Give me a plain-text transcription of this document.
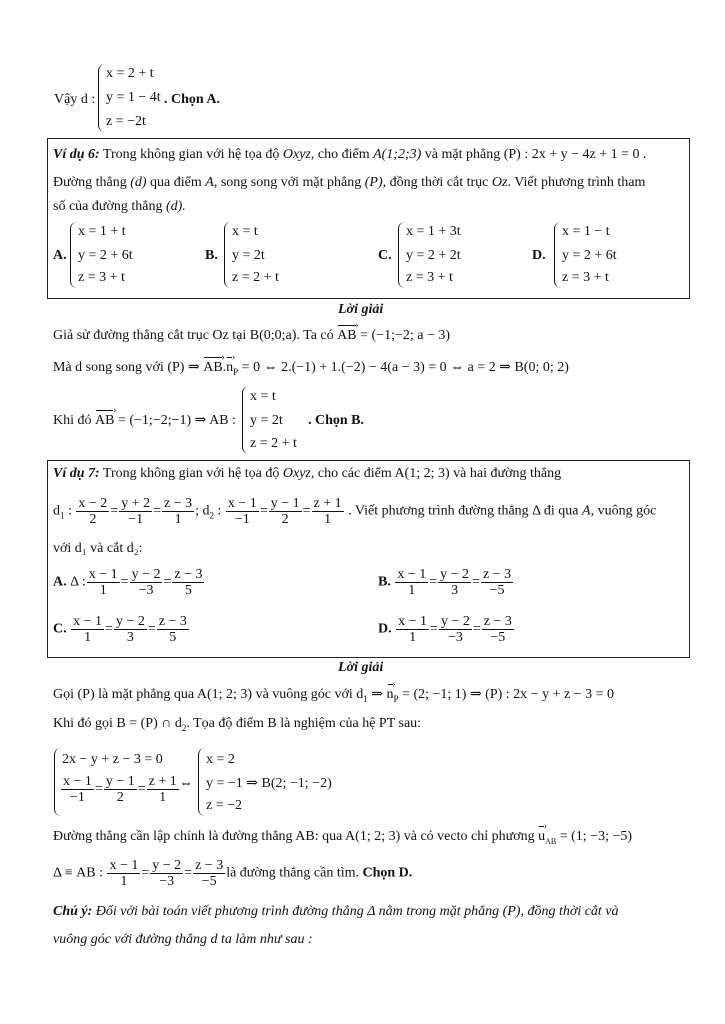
Vậy d :
x = 2 + t
y = 1 − 4t
z = −2t
. Chọn A.
Ví dụ 6: Trong không gian với hệ tọa độ Oxyz, cho điểm A(1;2;3) và mặt phẳng (P) : 2x + y − 4z + 1 = 0 .
Đường thẳng (d) qua điểm A, song song với mặt phẳng (P), đồng thời cắt trục Oz. Viết phương trình tham
số của đường thẳng (d).
A.
x = 1 + t
y = 2 + 6t
z = 3 + t
B.
x = t
y = 2t
z = 2 + t
C.
x = 1 + 3t
y = 2 + 2t
z = 3 + t
D.
x = 1 − t
y = 2 + 6t
z = 3 + t
Lời giải
Giả sử đường thẳng cắt trục Oz tại B(0;0;a). Ta có AB › = (−1;−2; a − 3)
Mà d song song với (P) ⇒ AB ›.n $›_P = 0$ ⇔ 2.(−1) + 1.(−2) − 4(a − 3) = 0 ⇔ a = 2 ⇒ B(0; 0; 2)
Khi đó AB › = (−1;−2;−1) ⇒ AB :
x = t
y = 2t
z = 2 + t
. Chọn B.
Ví dụ 7: Trong không gian với hệ tọa độ Oxyz, cho các điểm A(1; 2; 3) và hai đường thẳng
$d_1$ : $\frac{x - 2}{2} = \frac{y + 2}{-1} = \frac{z - 3}{1}$ ; $d_2$ : $\frac{x - 1}{-1} = \frac{y - 1}{2} = \frac{z + 1}{1}$ . Viết phương trình đường thẳng Δ đi qua A, vuông góc
với d₁ và cắt d₂:
A. Δ : $\frac{x - 1}{1} = \frac{y - 2}{-3} = \frac{z - 3}{5}$	B. $\frac{x - 1}{1} = \frac{y - 2}{3} = \frac{z - 3}{-5}$
C. $\frac{x - 1}{1} = \frac{y - 2}{3} = \frac{z - 3}{5}$	D. $\frac{x - 1}{1} = \frac{y - 2}{-3} = \frac{z - 3}{-5}$
Lời giải
Gọi (P) là mặt phẳng qua A(1; 2; 3) và vuông góc với $d_1$ ⇒ n $›_P = (2$; −1; 1) ⇒ (P) : 2x − y + z − 3 = 0
Khi đó gọi B = (P) ∩ $d_2$. Tọa độ điểm B là nghiệm của hệ PT sau:
2x − y + z − 3 = 0
$\frac{x - 1}{-1} = \frac{y - 1}{2} = \frac{z + 1}{1}$ ⇔
x = 2
y = −1 ⇒ B(2; −1; −2)
z = −2
Đường thẳng cần lập chính là đường thẳng AB: qua A(1; 2; 3) và có vecto chỉ phương u $›_{AB} = (1$; −3; −5)
Δ ≡ AB : $\frac{x - 1}{1} = \frac{y - 2}{-3} = \frac{z - 3}{-5}$ là đường thẳng cần tìm. Chọn D.
Chú ý: Đối với bài toán viết phương trình đường thẳng Δ nằm trong mặt phẳng (P), đồng thời cắt và
vuông góc với đường thẳng d ta làm như sau :
